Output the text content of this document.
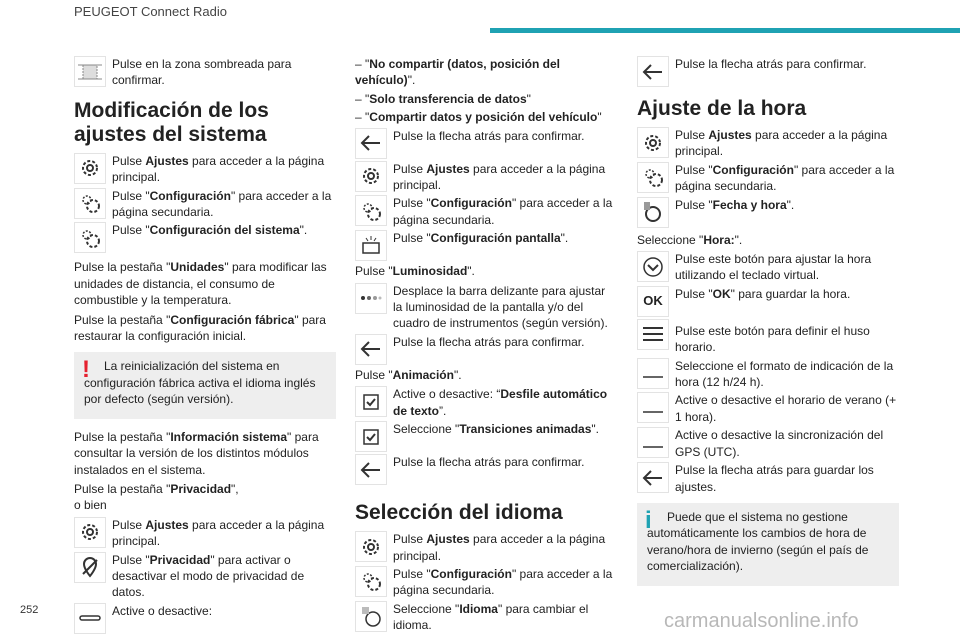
PEUGEOT Connect Radio
Pulse en la zona sombreada para confirmar.
Modificación de los ajustes del sistema
Pulse Ajustes para acceder a la página principal.
Pulse "Configuración" para acceder a la página secundaria.
Pulse "Configuración del sistema".

Pulse la pestaña "Unidades" para modificar las unidades de distancia, el consumo de combustible y la temperatura.

Pulse la pestaña "Configuración fábrica" para restaurar la configuración inicial.

!	La reinicialización del sistema en configuración fábrica activa el idioma inglés por defecto (según versión).

Pulse la pestaña "Información sistema" para consultar la versión de los distintos módulos instalados en el sistema.

Pulse la pestaña "Privacidad",

o bien

Pulse Ajustes para acceder a la página principal.
Pulse "Privacidad" para activar o desactivar el modo de privacidad de datos.
Active o desactive:

– "No compartir (datos, posición del vehículo)".

– "Solo transferencia de datos"

– "Compartir datos y posición del vehículo"

Pulse la flecha atrás para confirmar.
Pulse Ajustes para acceder a la página principal.
Pulse "Configuración" para acceder a la página secundaria.
Pulse "Configuración pantalla".

Pulse "Luminosidad".

Desplace la barra delizante para ajustar la luminosidad de la pantalla y/o del cuadro de instrumentos (según versión).
Pulse la flecha atrás para confirmar.

Pulse "Animación".

Active o desactive: “Desfile automático de texto”.
Seleccione "Transiciones animadas".
Pulse la flecha atrás para confirmar.
Selección del idioma
Pulse Ajustes para acceder a la página principal.
Pulse "Configuración" para acceder a la página secundaria.
Seleccione "Idioma" para cambiar el idioma.
Pulse la flecha atrás para confirmar.
Ajuste de la hora
Pulse Ajustes para acceder a la página principal.
Pulse "Configuración" para acceder a la página secundaria.
Pulse "Fecha y hora".

Seleccione "Hora:".

Pulse este botón para ajustar la hora utilizando el teclado virtual.
OK	Pulse "OK" para guardar la hora.
Pulse este botón para definir el huso horario.
Seleccione el formato de indicación de la hora (12 h/24 h).
Active o desactive el horario de verano (+ 1 hora).
Active o desactive la sincronización del GPS (UTC).
Pulse la flecha atrás para guardar los ajustes.
i	Puede que el sistema no gestione automáticamente los cambios de hora de verano/hora de invierno (según el país de comercialización).

252	carmanualsonline.info
